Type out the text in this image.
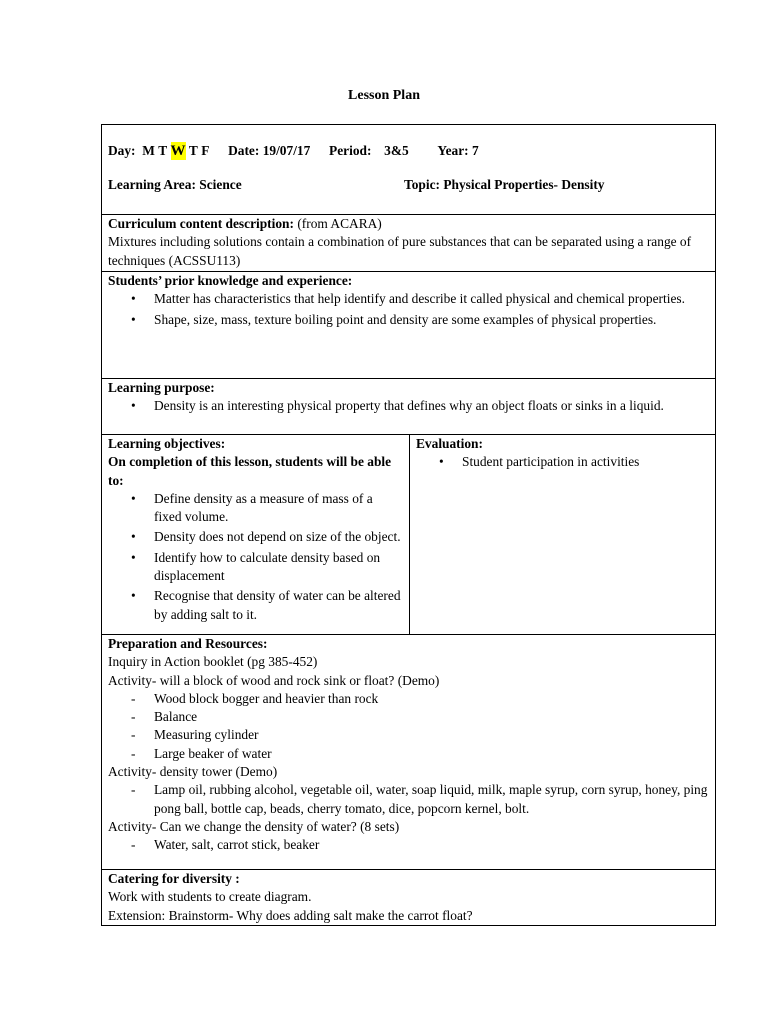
Lesson Plan
Day: M T W T F Date: 19/07/17 Period: 3&5 Year: 7
Learning Area: Science	Topic: Physical Properties- Density

Curriculum content description: (from ACARA)
Mixtures including solutions contain a combination of pure substances that can be separated using a range of techniques (ACSSU113)

Students’ prior knowledge and experience:
• Matter has characteristics that help identify and describe it called physical and chemical properties.
• Shape, size, mass, texture boiling point and density are some examples of physical properties.

Learning purpose:
• Density is an interesting physical property that defines why an object floats or sinks in a liquid.

Learning objectives:
On completion of this lesson, students will be able to:
• Define density as a measure of mass of a fixed volume.
• Density does not depend on size of the object.
• Identify how to calculate density based on displacement
• Recognise that density of water can be altered by adding salt to it.

Evaluation:
• Student participation in activities

Preparation and Resources:
Inquiry in Action booklet (pg 385-452)
Activity- will a block of wood and rock sink or float? (Demo)
- Wood block bogger and heavier than rock
- Balance
- Measuring cylinder
- Large beaker of water
Activity- density tower (Demo)
- Lamp oil, rubbing alcohol, vegetable oil, water, soap liquid, milk, maple syrup, corn syrup, honey, ping pong ball, bottle cap, beads, cherry tomato, dice, popcorn kernel, bolt.
Activity- Can we change the density of water? (8 sets)
- Water, salt, carrot stick, beaker

Catering for diversity :
Work with students to create diagram.
Extension: Brainstorm- Why does adding salt make the carrot float?
